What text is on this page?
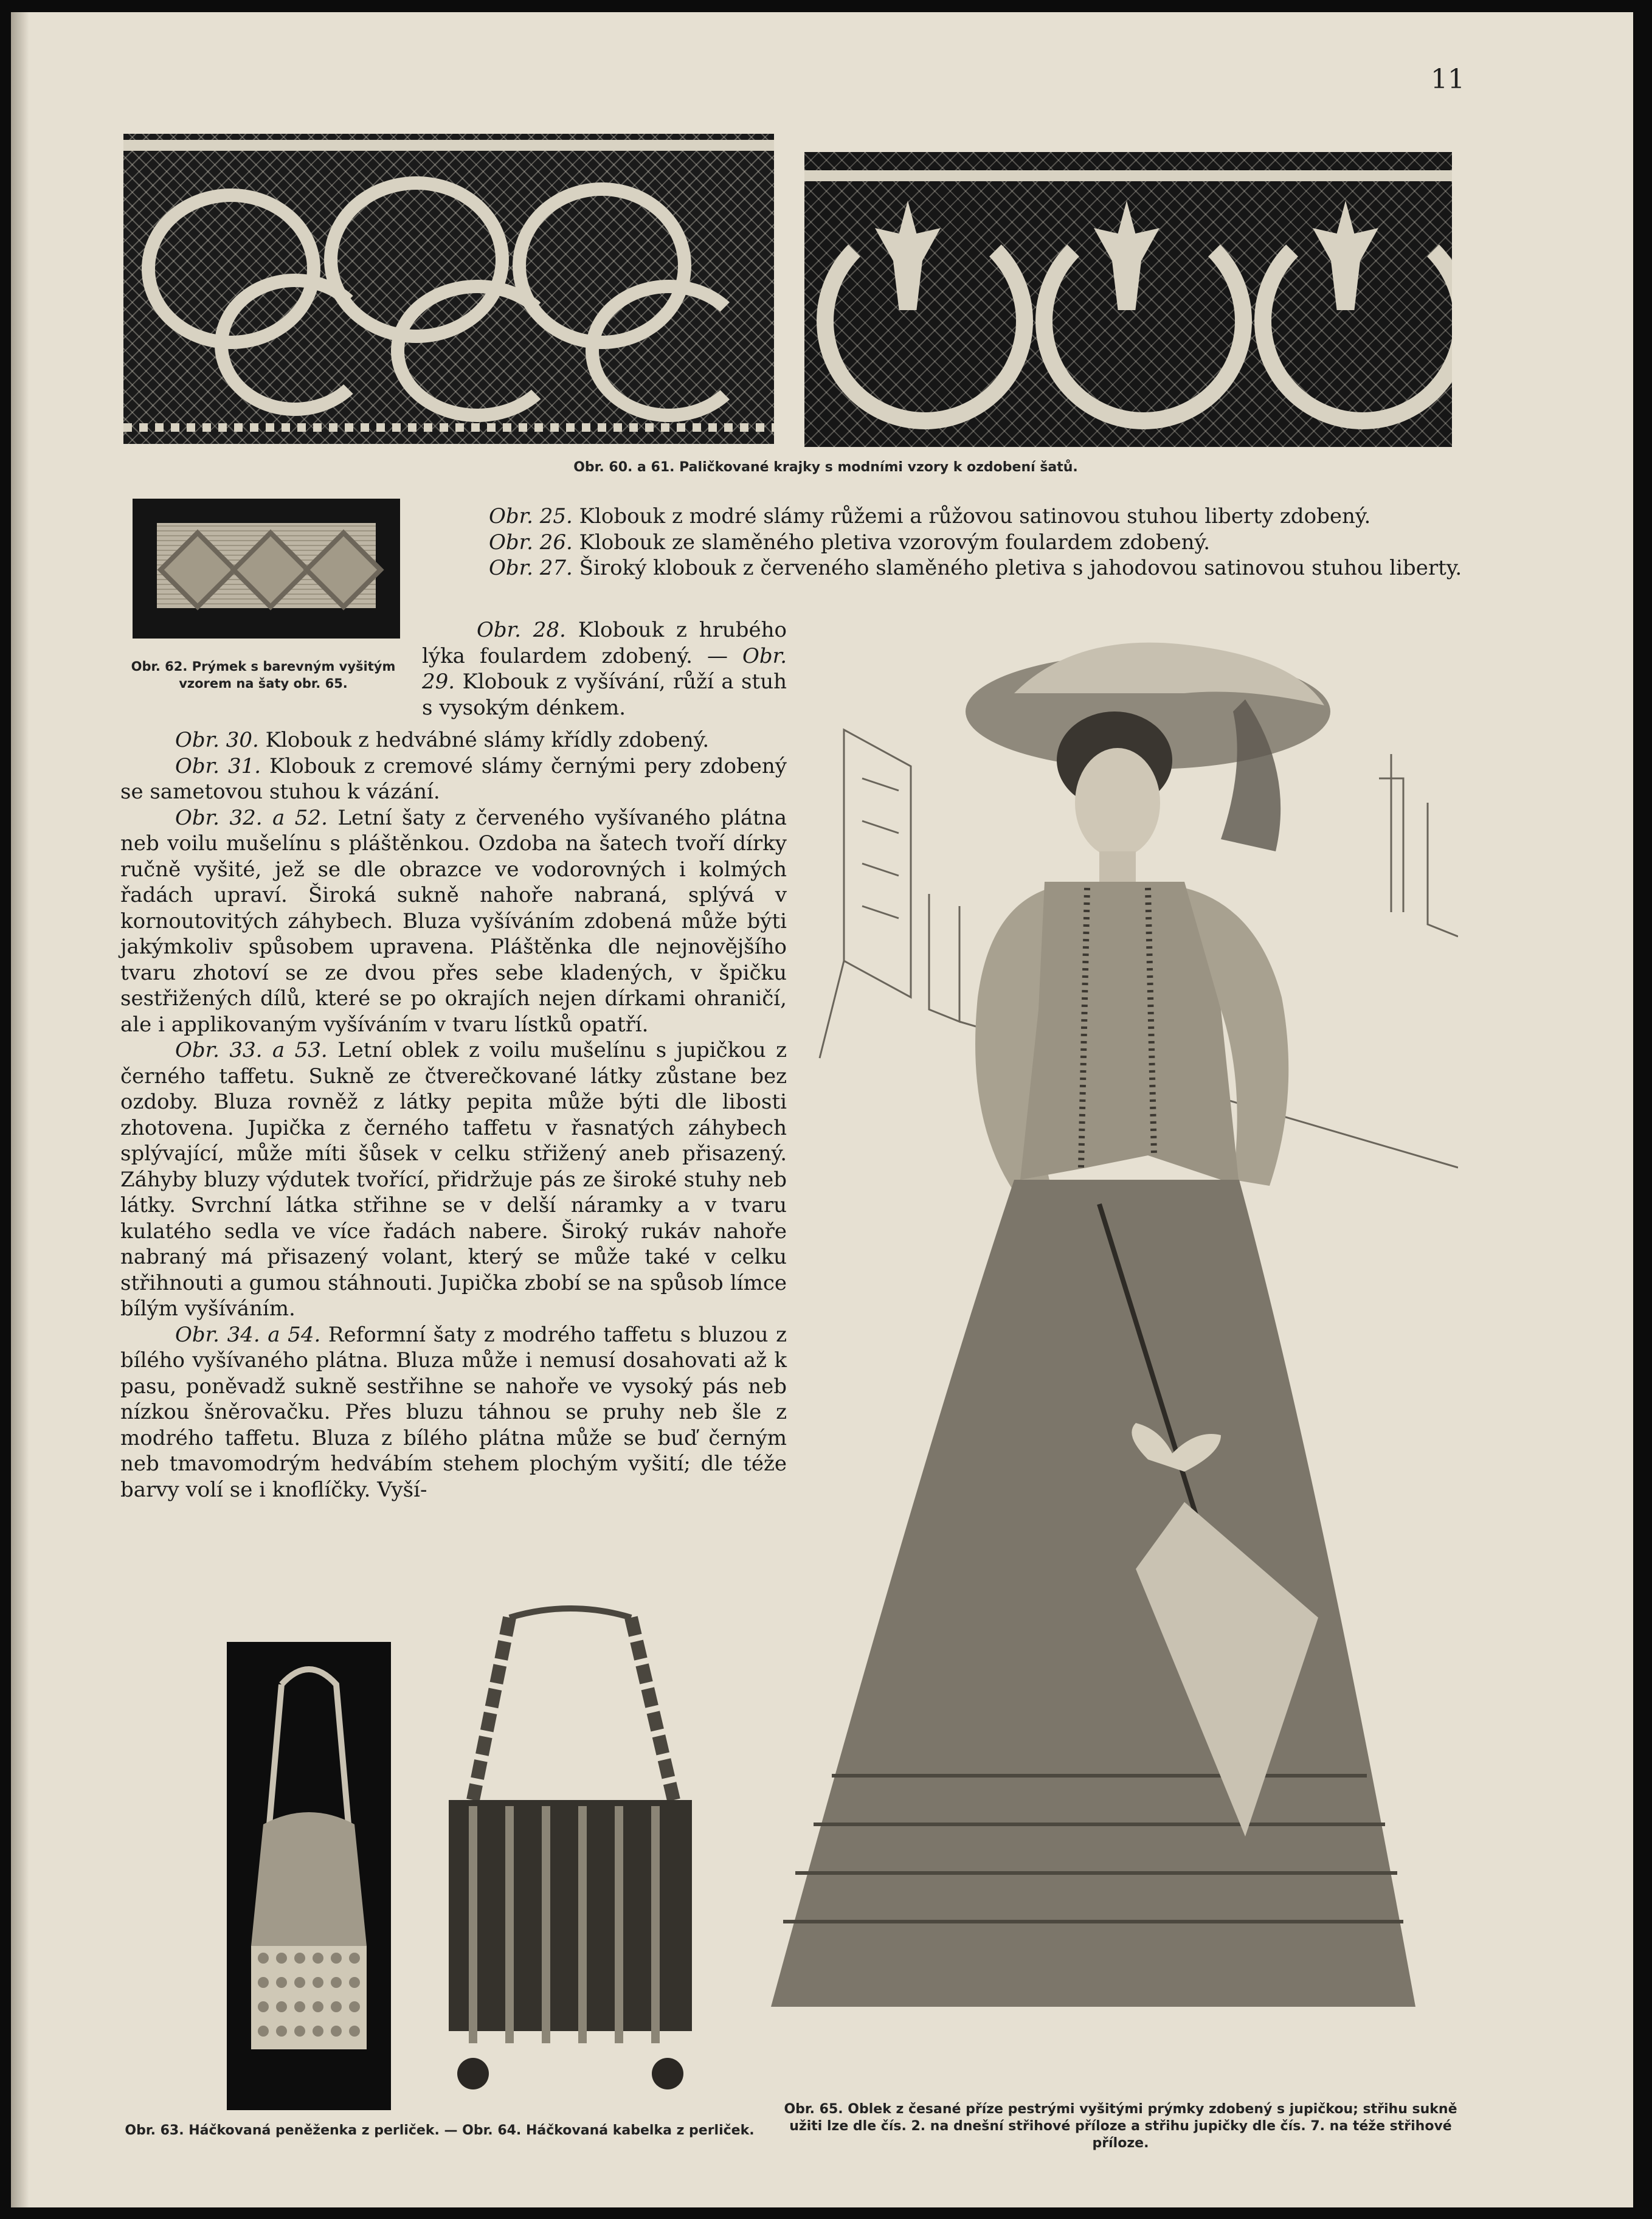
11
Obr. 60. a 61. Paličkované krajky s modními vzory k ozdobení šatů.
Obr. 62. Prýmek s barevným vyšitým vzorem na šaty obr. 65.

Obr. 25. Klobouk z modré slámy růžemi a růžovou satinovou stuhou liberty zdobený.

Obr. 26. Klobouk ze slaměného pletiva vzorovým foulardem zdobený.

Obr. 27. Široký klobouk z červeného slaměného pletiva s jahodovou satinovou stuhou liberty.

Obr. 28. Klobouk z hrubého lýka foulardem zdobený. — Obr. 29. Klobouk z vyšívání, růží a stuh s vysokým dénkem.

Obr. 30. Klobouk z hedvábné slámy křídly zdobený.

Obr. 31. Klobouk z cremové slámy černými pery zdobený se sametovou stuhou k vázání.

Obr. 32. a 52. Letní šaty z červeného vyšívaného plátna neb voilu mušelínu s pláštěnkou. Ozdoba na šatech tvoří dírky ručně vyšité, jež se dle obrazce ve vodorovných i kolmých řadách upraví. Široká sukně nahoře nabraná, splývá v kornoutovitých záhybech. Bluza vyšíváním zdobená může býti jakýmkoliv spůsobem upravena. Pláštěnka dle nejnovějšího tvaru zhotoví se ze dvou přes sebe kladených, v špičku sestřižených dílů, které se po okrajích nejen dírkami ohraničí, ale i applikovaným vyšíváním v tvaru lístků opatří.

Obr. 33. a 53. Letní oblek z voilu mušelínu s jupičkou z černého taffetu. Sukně ze čtverečkované látky zůstane bez ozdoby. Bluza rovněž z látky pepita může býti dle libosti zhotovena. Jupička z černého taffetu v řasnatých záhybech splývající, může míti šůsek v celku střižený aneb přisazený. Záhyby bluzy výdutek tvořící, přidržuje pás ze široké stuhy neb látky. Svrchní látka střihne se v delší náramky a v tvaru kulatého sedla ve více řadách nabere. Široký rukáv nahoře nabraný má přisazený volant, který se může také v celku střihnouti a gumou stáhnouti. Jupička zbobí se na spůsob límce bílým vyšíváním.

Obr. 34. a 54. Reformní šaty z modrého taffetu s bluzou z bílého vyšívaného plátna. Bluza může i nemusí dosahovati až k pasu, poněvadž sukně sestřihne se nahoře ve vysoký pás neb nízkou šněrovačku. Přes bluzu táhnou se pruhy neb šle z modrého taffetu. Bluza z bílého plátna může se buď černým neb tmavomodrým hedvábím stehem plochým vyšití; dle téže barvy volí se i knoflíčky. Vyší-

Obr. 63. Háčkovaná peněženka z perliček. — Obr. 64. Háčkovaná kabelka z perliček.
Obr. 65. Oblek z česané příze pestrými vyšitými prýmky zdobený s jupičkou; střihu sukně užiti lze dle čís. 2. na dnešní střihové příloze a střihu jupičky dle čís. 7. na téže střihové příloze.
